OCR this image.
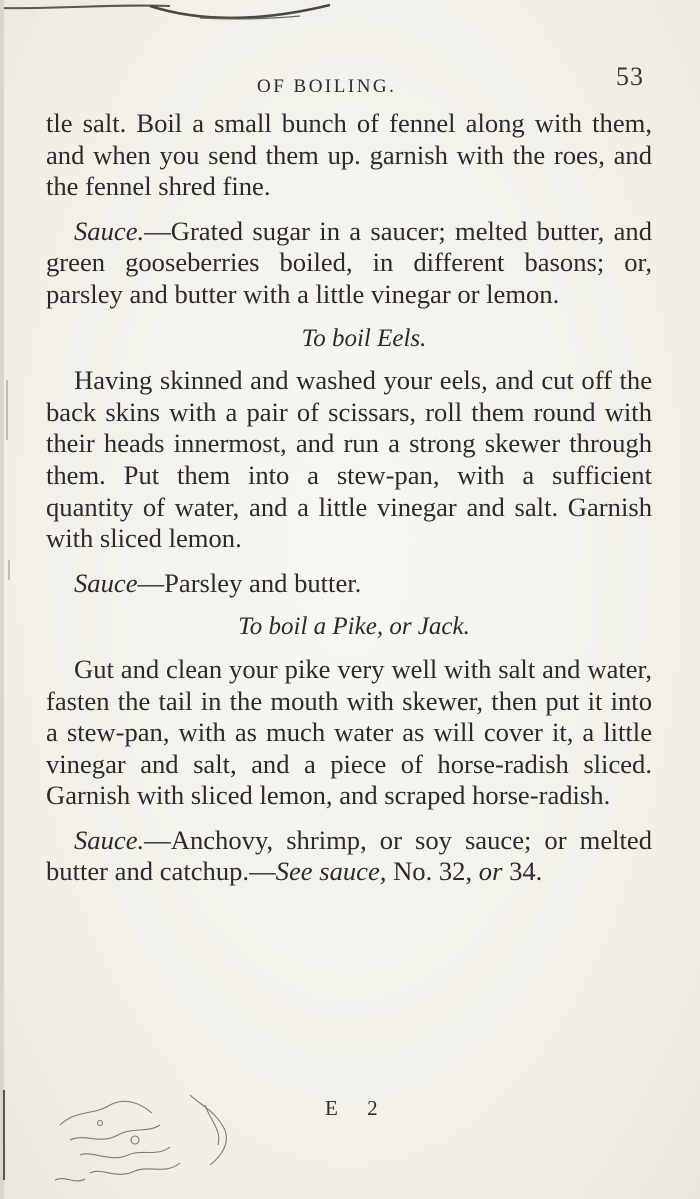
OF BOILING.	53

tle salt. Boil a small bunch of fennel along with them, and when you send them up. garnish with the roes, and the fennel shred fine.

Sauce.—Grated sugar in a saucer; melted butter, and green gooseberries boiled, in different basons; or, parsley and butter with a little vinegar or lemon.

To boil Eels.

Having skinned and washed your eels, and cut off the back skins with a pair of scissars, roll them round with their heads innermost, and run a strong skewer through them. Put them into a stew-pan, with a sufficient quantity of water, and a little vinegar and salt. Garnish with sliced lemon.

Sauce—Parsley and butter.

To boil a Pike, or Jack.

Gut and clean your pike very well with salt and water, fasten the tail in the mouth with skewer, then put it into a stew-pan, with as much water as will cover it, a little vinegar and salt, and a piece of horse-radish sliced. Garnish with sliced lemon, and scraped horse-radish.

Sauce.—Anchovy, shrimp, or soy sauce; or melted butter and catchup.—See sauce, No. 32, or 34.

E 2
